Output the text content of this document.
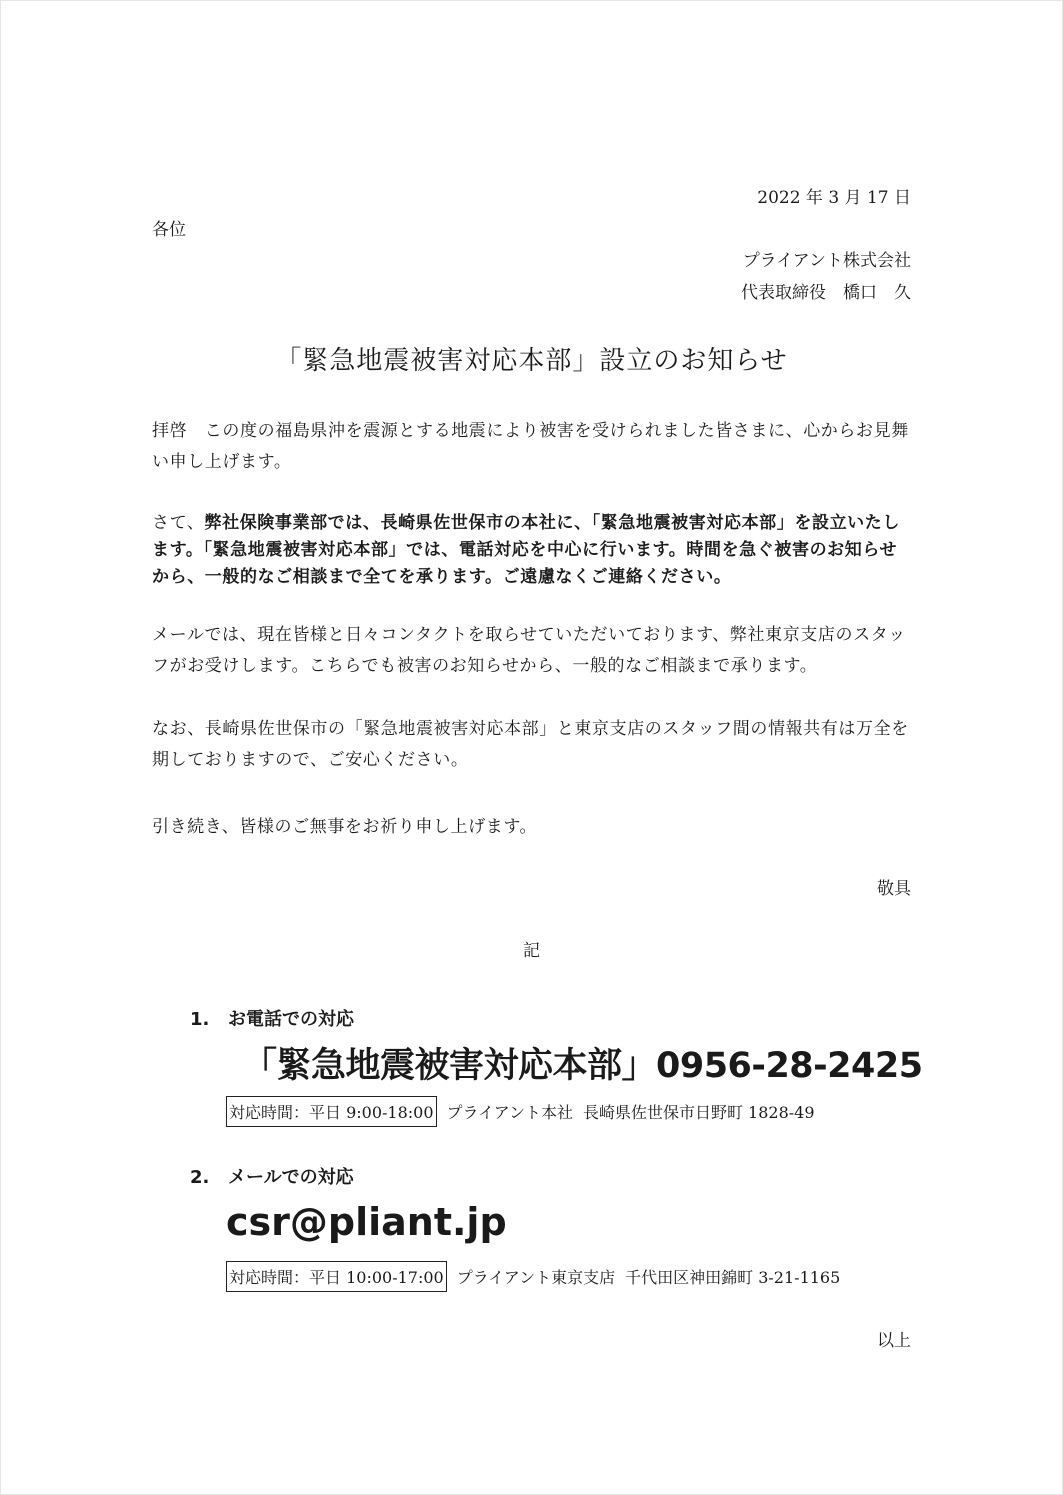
2022 年 3 月 17 日
各位
プライアント株式会社
代表取締役　橋口　久
「緊急地震被害対応本部」設立のお知らせ
拝啓　この度の福島県沖を震源とする地震により被害を受けられました皆さまに、心からお見舞い申し上げます。
さて、弊社保険事業部では、長崎県佐世保市の本社に、「緊急地震被害対応本部」を設立いたします。「緊急地震被害対応本部」では、電話対応を中心に行います。時間を急ぐ被害のお知らせから、一般的なご相談まで全てを承ります。ご遠慮なくご連絡ください。
メールでは、現在皆様と日々コンタクトを取らせていただいております、弊社東京支店のスタッフがお受けします。こちらでも被害のお知らせから、一般的なご相談まで承ります。
なお、長崎県佐世保市の「緊急地震被害対応本部」と東京支店のスタッフ間の情報共有は万全を期しておりますので、ご安心ください。
引き続き、皆様のご無事をお祈り申し上げます。
敬具
記
1. お電話での対応
「緊急地震被害対応本部」0956-28-2425
対応時間：平日 9:00-18:00 プライアント本社 長崎県佐世保市日野町 1828-49
2. メールでの対応
csr@pliant.jp
対応時間：平日 10:00-17:00 プライアント東京支店 千代田区神田錦町 3-21-1165
以上
